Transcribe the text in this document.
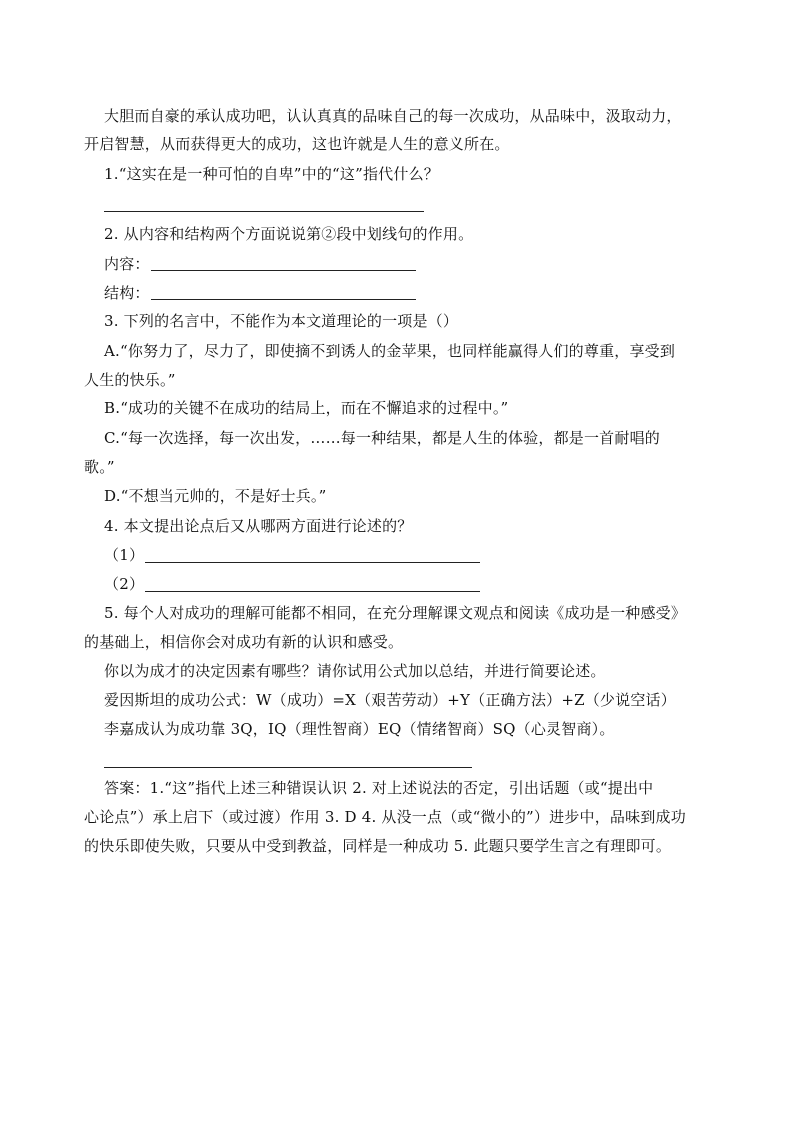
大胆而自豪的承认成功吧，认认真真的品味自己的每一次成功，从品味中，汲取动力，
开启智慧，从而获得更大的成功，这也许就是人生的意义所在。
1.“这实在是一种可怕的自卑”中的“这”指代什么？
2. 从内容和结构两个方面说说第②段中划线句的作用。
内容：
结构：
3. 下列的名言中，不能作为本文道理论的一项是（）
A.“你努力了，尽力了，即使摘不到诱人的金苹果，也同样能赢得人们的尊重，享受到
人生的快乐。”
B.“成功的关键不在成功的结局上，而在不懈追求的过程中。”
C.“每一次选择，每一次出发，……每一种结果，都是人生的体验，都是一首耐唱的
歌。”
D.“不想当元帅的，不是好士兵。”
4. 本文提出论点后又从哪两方面进行论述的？
（1）
（2）
5. 每个人对成功的理解可能都不相同，在充分理解课文观点和阅读《成功是一种感受》
的基础上，相信你会对成功有新的认识和感受。
你以为成才的决定因素有哪些？请你试用公式加以总结，并进行简要论述。
爱因斯坦的成功公式：W（成功）=X（艰苦劳动）+Y（正确方法）+Z（少说空话）
李嘉成认为成功靠 3Q，IQ（理性智商）EQ（情绪智商）SQ（心灵智商）。
答案：1.“这”指代上述三种错误认识 2. 对上述说法的否定，引出话题（或“提出中
心论点”）承上启下（或过渡）作用 3. D 4. 从没一点（或“微小的”）进步中，品味到成功
的快乐即使失败，只要从中受到教益，同样是一种成功 5. 此题只要学生言之有理即可。
